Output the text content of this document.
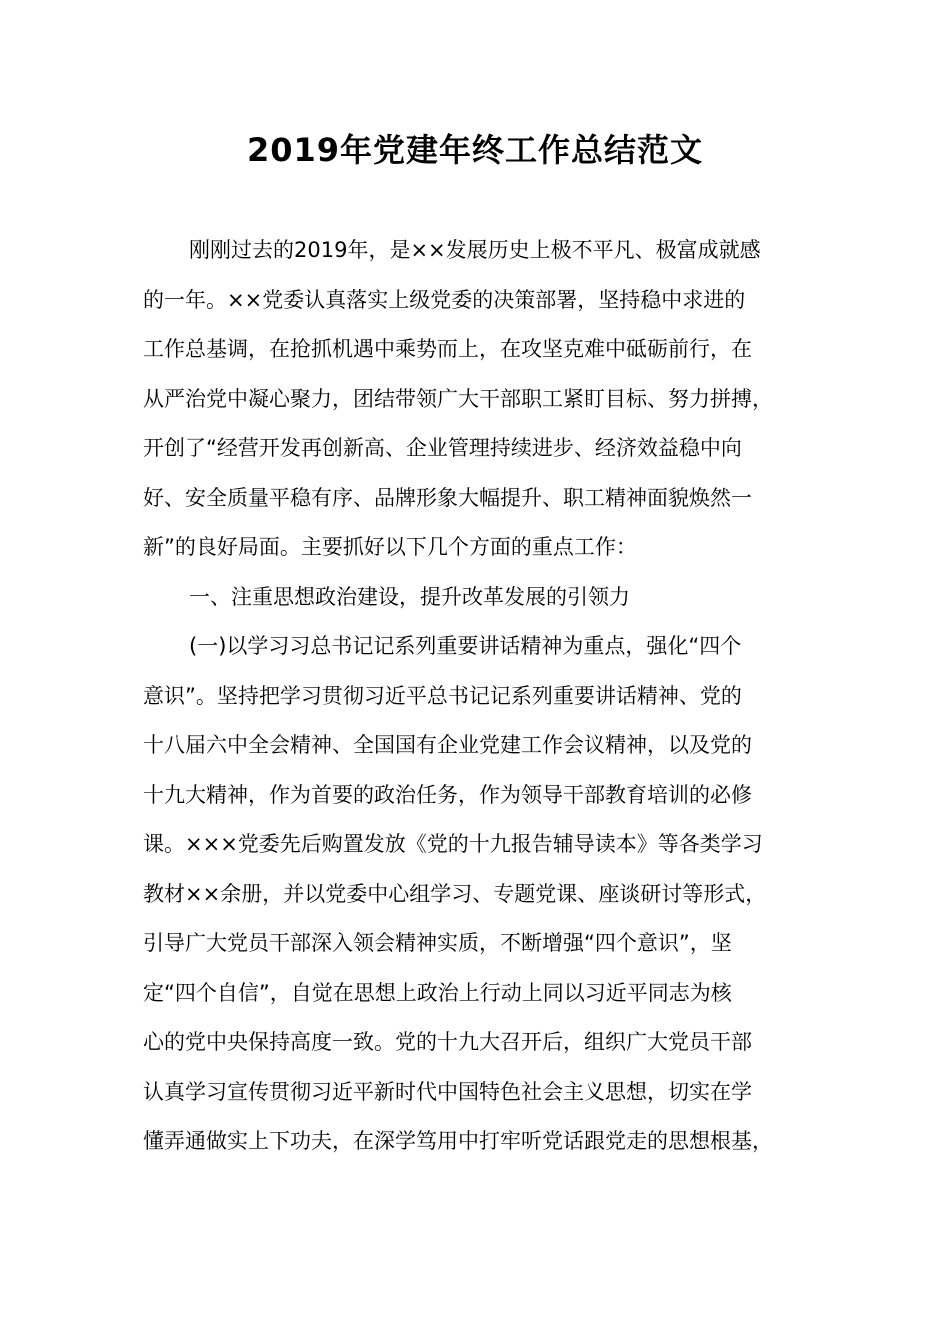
2019年党建年终工作总结范文
刚刚过去的2019年，是××发展历史上极不平凡、极富成就感
的一年。××党委认真落实上级党委的决策部署，坚持稳中求进的
工作总基调，在抢抓机遇中乘势而上，在攻坚克难中砥砺前行，在
从严治党中凝心聚力，团结带领广大干部职工紧盯目标、努力拼搏，
开创了“经营开发再创新高、企业管理持续进步、经济效益稳中向
好、安全质量平稳有序、品牌形象大幅提升、职工精神面貌焕然一
新”的良好局面。主要抓好以下几个方面的重点工作：
一、注重思想政治建设，提升改革发展的引领力
(一)以学习习总书记记系列重要讲话精神为重点，强化“四个
意识”。坚持把学习贯彻习近平总书记记系列重要讲话精神、党的
十八届六中全会精神、全国国有企业党建工作会议精神，以及党的
十九大精神，作为首要的政治任务，作为领导干部教育培训的必修
课。×××党委先后购置发放《党的十九报告辅导读本》等各类学习
教材××余册，并以党委中心组学习、专题党课、座谈研讨等形式，
引导广大党员干部深入领会精神实质，不断增强“四个意识”，坚
定“四个自信”，自觉在思想上政治上行动上同以习近平同志为核
心的党中央保持高度一致。党的十九大召开后，组织广大党员干部
认真学习宣传贯彻习近平新时代中国特色社会主义思想，切实在学
懂弄通做实上下功夫，在深学笃用中打牢听党话跟党走的思想根基，
